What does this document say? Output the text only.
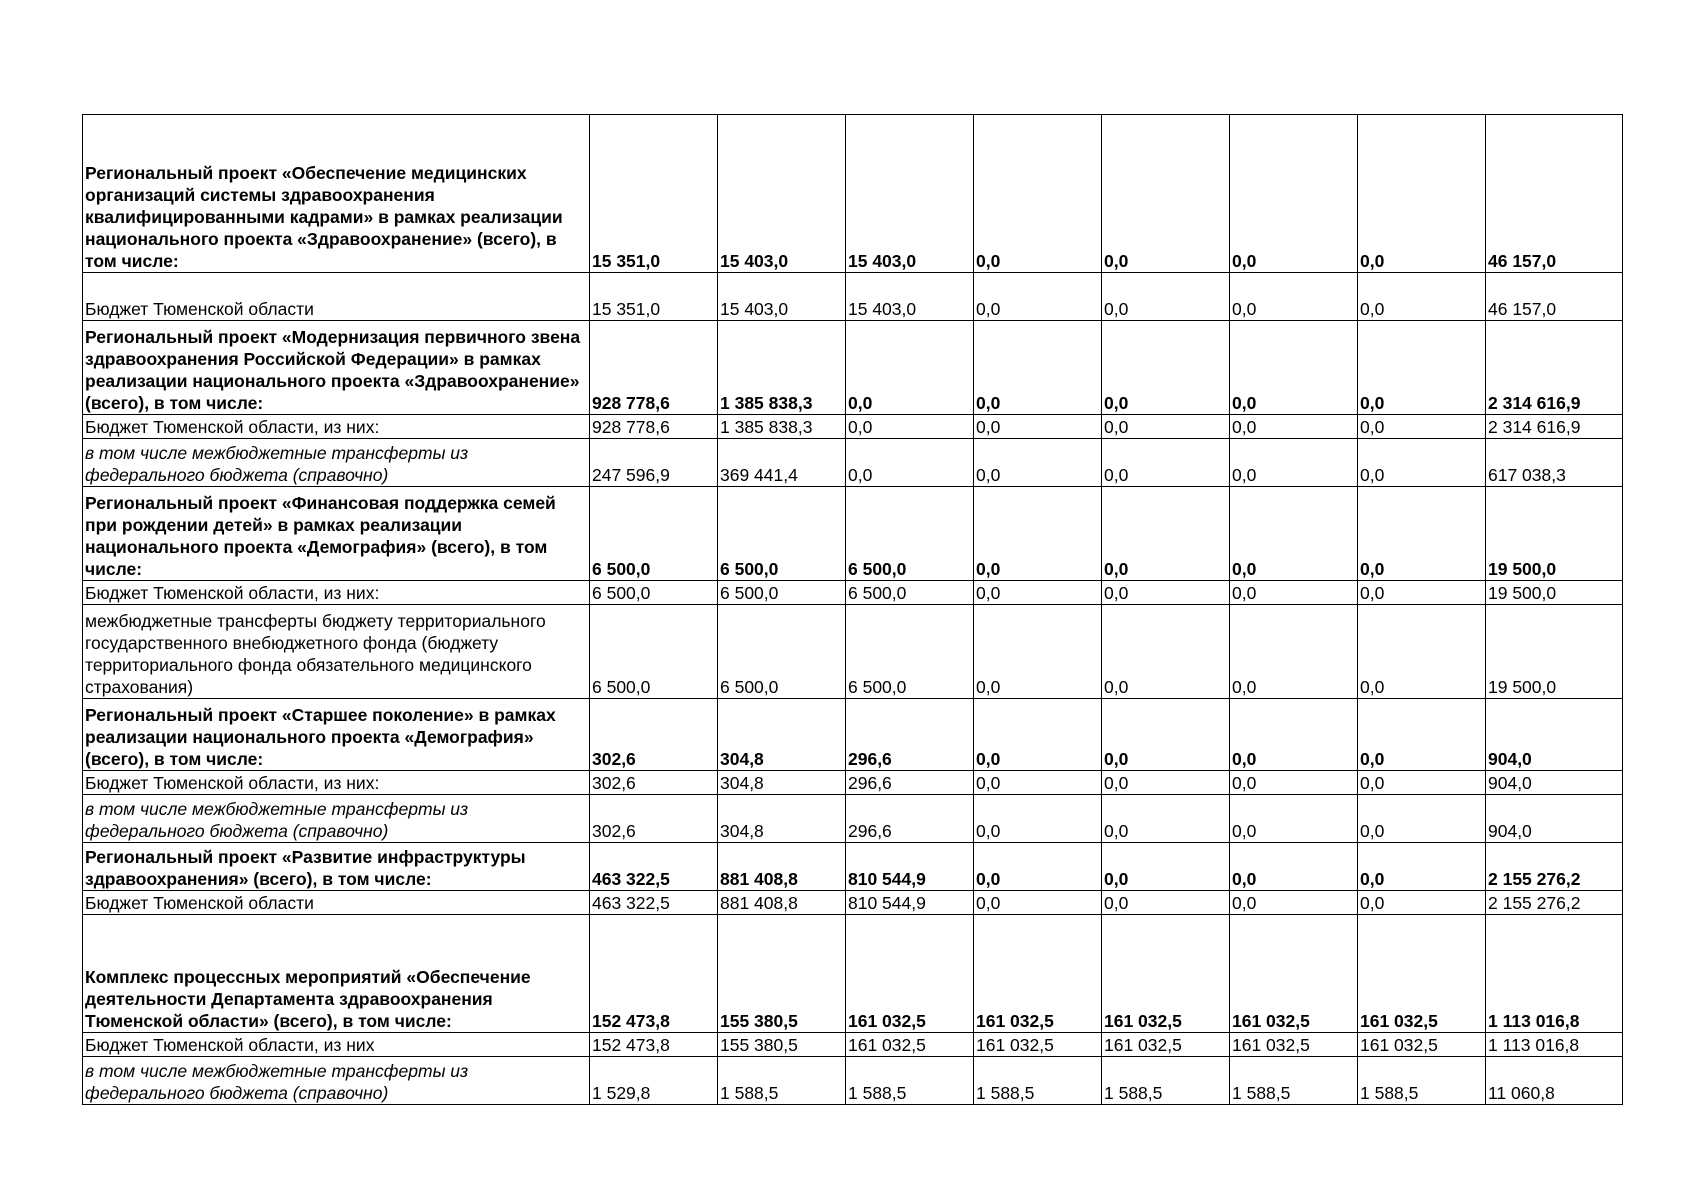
Региональный проект «Обеспечение медицинских организаций системы здравоохранения квалифицированными кадрами» в рамках реализации национального проекта «Здравоохранение» (всего), в том числе:	15 351,0	15 403,0	15 403,0	0,0	0,0	0,0	0,0	46 157,0
Бюджет Тюменской области	15 351,0	15 403,0	15 403,0	0,0	0,0	0,0	0,0	46 157,0
Региональный проект «Модернизация первичного звена здравоохранения Российской Федерации» в рамках реализации национального проекта «Здравоохранение» (всего), в том числе:	928 778,6	1 385 838,3	0,0	0,0	0,0	0,0	0,0	2 314 616,9
Бюджет Тюменской области, из них:	928 778,6	1 385 838,3	0,0	0,0	0,0	0,0	0,0	2 314 616,9
в том числе межбюджетные трансферты из федерального бюджета (справочно)	247 596,9	369 441,4	0,0	0,0	0,0	0,0	0,0	617 038,3
Региональный проект «Финансовая поддержка семей при рождении детей» в рамках реализации национального проекта «Демография» (всего), в том числе:	6 500,0	6 500,0	6 500,0	0,0	0,0	0,0	0,0	19 500,0
Бюджет Тюменской области, из них:	6 500,0	6 500,0	6 500,0	0,0	0,0	0,0	0,0	19 500,0
межбюджетные трансферты бюджету территориального государственного внебюджетного фонда (бюджету территориального фонда обязательного медицинского страхования)	6 500,0	6 500,0	6 500,0	0,0	0,0	0,0	0,0	19 500,0
Региональный проект «Старшее поколение» в рамках реализации национального проекта «Демография» (всего), в том числе:	302,6	304,8	296,6	0,0	0,0	0,0	0,0	904,0
Бюджет Тюменской области, из них:	302,6	304,8	296,6	0,0	0,0	0,0	0,0	904,0
в том числе межбюджетные трансферты из федерального бюджета (справочно)	302,6	304,8	296,6	0,0	0,0	0,0	0,0	904,0
Региональный проект «Развитие инфраструктуры здравоохранения» (всего), в том числе:	463 322,5	881 408,8	810 544,9	0,0	0,0	0,0	0,0	2 155 276,2
Бюджет Тюменской области	463 322,5	881 408,8	810 544,9	0,0	0,0	0,0	0,0	2 155 276,2
Комплекс процессных мероприятий «Обеспечение деятельности Департамента здравоохранения Тюменской области» (всего), в том числе:	152 473,8	155 380,5	161 032,5	161 032,5	161 032,5	161 032,5	161 032,5	1 113 016,8
Бюджет Тюменской области, из них	152 473,8	155 380,5	161 032,5	161 032,5	161 032,5	161 032,5	161 032,5	1 113 016,8
в том числе межбюджетные трансферты из федерального бюджета (справочно)	1 529,8	1 588,5	1 588,5	1 588,5	1 588,5	1 588,5	1 588,5	11 060,8
